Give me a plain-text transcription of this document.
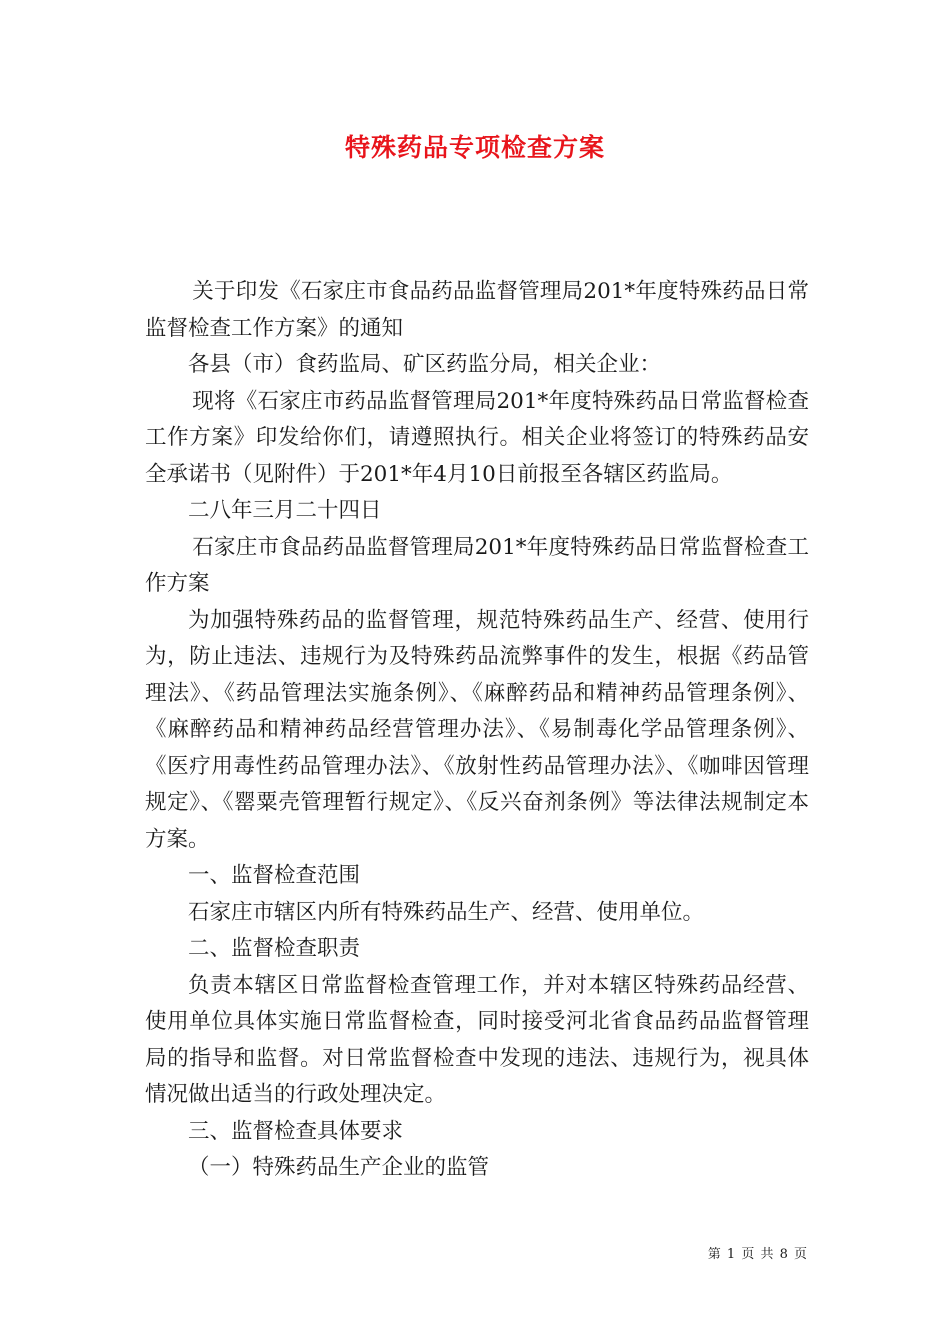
特殊药品专项检查方案

关于印发《石家庄市食品药品监督管理局201*年度特殊药品日常监督检查工作方案》的通知

各县（市）食药监局、矿区药监分局，相关企业：

现将《石家庄市药品监督管理局201*年度特殊药品日常监督检查工作方案》印发给你们，请遵照执行。相关企业将签订的特殊药品安全承诺书（见附件）于201*年4月10日前报至各辖区药监局。

二八年三月二十四日

石家庄市食品药品监督管理局201*年度特殊药品日常监督检查工作方案

为加强特殊药品的监督管理，规范特殊药品生产、经营、使用行为，防止违法、违规行为及特殊药品流弊事件的发生，根据《药品管理法》、《药品管理法实施条例》、《麻醉药品和精神药品管理条例》、《麻醉药品和精神药品经营管理办法》、《易制毒化学品管理条例》、《医疗用毒性药品管理办法》、《放射性药品管理办法》、《咖啡因管理规定》、《罂粟壳管理暂行规定》、《反兴奋剂条例》等法律法规制定本方案。

一、监督检查范围

石家庄市辖区内所有特殊药品生产、经营、使用单位。

二、监督检查职责

负责本辖区日常监督检查管理工作，并对本辖区特殊药品经营、使用单位具体实施日常监督检查，同时接受河北省食品药品监督管理局的指导和监督。对日常监督检查中发现的违法、违规行为，视具体情况做出适当的行政处理决定。

三、监督检查具体要求

（一）特殊药品生产企业的监管

第 1 页 共 8 页
